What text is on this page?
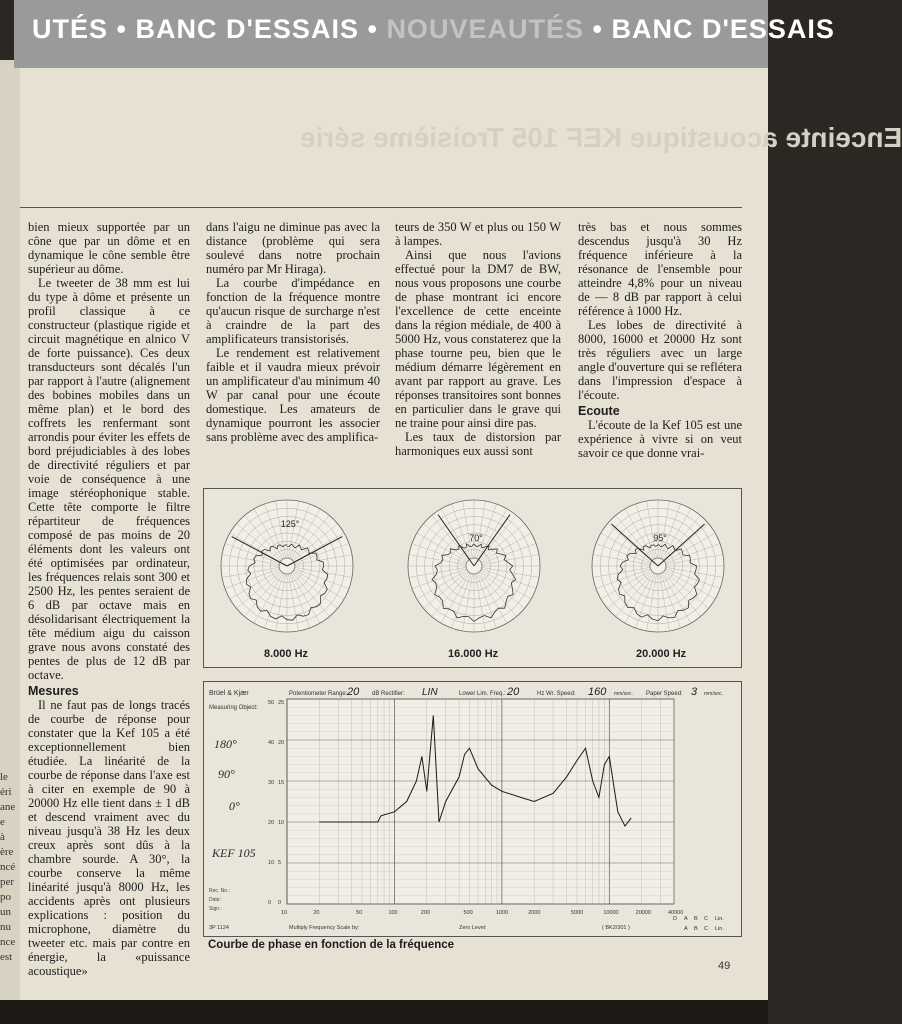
le
éri
ane
e
à
ère
ncé
per
po
un
nu
nce
est
UTÉS • BANC D'ESSAIS • NOUVEAUTÉS • BANC D'ESSAIS
Enceinte acoustique KEF 105 Troisième série

bien mieux supportée par un cône que par un dôme et en dynamique le cône semble être supérieur au dôme.

Le tweeter de 38 mm est lui du type à dôme et présente un profil classique à ce constructeur (plastique rigide et circuit magnétique en alnico V de forte puissance). Ces deux transducteurs sont décalés l'un par rapport à l'autre (alignement des bobines mobiles dans un même plan) et le bord des coffrets les renfermant sont arrondis pour éviter les effets de bord préjudiciables à des lobes de directivité réguliers et par voie de conséquence à une image stéréophonique stable. Cette tête comporte le filtre répartiteur de fréquences composé de pas moins de 20 éléments dont les valeurs ont été optimisées par ordinateur, les fréquences relais sont 300 et 2500 Hz, les pentes seraient de 6 dB par octave mais en désolidarisant électriquement la tête médium aigu du caisson grave nous avons constaté des pentes de plus de 12 dB par octave.

Mesures

Il ne faut pas de longs tracés de courbe de réponse pour constater que la Kef 105 a été exceptionnellement bien étudiée. La linéarité de la courbe de réponse dans l'axe est à citer en exemple de 90 à 20000 Hz elle tient dans ± 1 dB et descend vraiment avec du niveau jusqu'à 38 Hz les deux creux après sont dûs à la chambre sourde. A 30°, la courbe conserve la même linéarité jusqu'à 8000 Hz, les accidents après ont plusieurs explications : position du microphone, diamètre du tweeter etc. mais par contre en énergie, la «puissance acoustique»

dans l'aigu ne diminue pas avec la distance (problème qui sera soulevé dans notre prochain numéro par Mr Hiraga).

La courbe d'impédance en fonction de la fréquence montre qu'aucun risque de surcharge n'est à craindre de la part des amplificateurs transistorisés.

Le rendement est relativement faible et il vaudra mieux prévoir un amplificateur d'au minimum 40 W par canal pour une écoute domestique. Les amateurs de dynamique pourront les associer sans problème avec des amplifica-

teurs de 350 W et plus ou 150 W à lampes.

Ainsi que nous l'avions effectué pour la DM7 de BW, nous vous proposons une courbe de phase montrant ici encore l'excellence de cette enceinte dans la région médiale, de 400 à 5000 Hz, vous constaterez que la phase tourne peu, bien que le médium démarre légèrement en avant par rapport au grave. Les réponses transitoires sont bonnes en particulier dans le grave qui ne traine pour ainsi dire pas.

Les taux de distorsion par harmoniques eux aussi sont

très bas et nous sommes descendus jusqu'à 30 Hz fréquence inférieure à la résonance de l'ensemble pour atteindre 4,8% pour un niveau de — 8 dB par rapport à celui référence à 1000 Hz.

Les lobes de directivité à 8000, 16000 et 20000 Hz sont très réguliers avec un large angle d'ouverture qui se reflétera dans l'impression d'espace à l'écoute.

Ecoute

L'écoute de la Kef 105 est une expérience à vivre si on veut savoir ce que donne vrai-

125°
70°	95°
8.000 Hz	16.000 Hz	20.000 Hz
Brüel & Kjær
Measuring Object:
Potentiometer Range: 20 dB Rectifier: LIN	Lower Lim. Freq.: 20	Hz Wr. Speed: 160 mm/sec. Paper Speed: 3 mm/sec.
180°
90°
0°
KEF 105
Rec. No.:
Date:
Sign.:
50
40
30
20
10
0
25
20
15
10
5
0
10	20	50	100	200	500	1000	2000	5000	10000	20000	40000
D A B C Lin.
A B C Lin.
3P 1124	Multiply Frequency Scale by:	Zero Level:	( BK2/301 )
Courbe de phase en fonction de la fréquence
49
